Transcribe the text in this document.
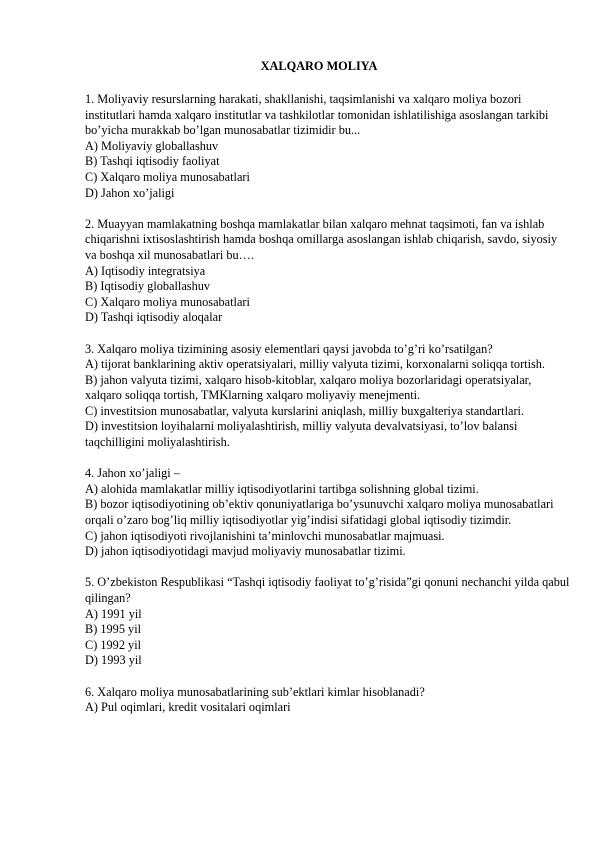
XALQARO MOLIYA
1. Moliyaviy resurslarning harakati, shakllanishi, taqsimlanishi va xalqaro moliya bozori institutlari hamda xalqaro institutlar va tashkilotlar tomonidan ishlatilishiga asoslangan tarkibi bo’yicha murakkab bo’lgan munosabatlar tizimidir bu...
A) Moliyaviy globallashuv
B) Tashqi iqtisodiy faoliyat
C) Xalqaro moliya munosabatlari
D) Jahon xo’jaligi
2. Muayyan mamlakatning boshqa mamlakatlar bilan xalqaro mehnat taqsimoti, fan va ishlab chiqarishni ixtisoslashtirish hamda boshqa omillarga asoslangan ishlab chiqarish, savdo, siyosiy va boshqa xil munosabatlari bu….
A) Iqtisodiy integratsiya
B) Iqtisodiy globallashuv
C) Xalqaro moliya munosabatlari
D) Tashqi iqtisodiy aloqalar
3. Xalqaro moliya tizimining asosiy elementlari qaysi javobda to’g’ri ko’rsatilgan?
A) tijorat banklarining aktiv operatsiyalari, milliy valyuta tizimi, korxonalarni soliqqa tortish.
B) jahon valyuta tizimi, xalqaro hisob-kitoblar, xalqaro moliya bozorlaridagi operatsiyalar, xalqaro soliqqa tortish, TMKlarning xalqaro moliyaviy menejmenti.
C) investitsion munosabatlar, valyuta kurslarini aniqlash, milliy buxgalteriya standartlari.
D) investitsion loyihalarni moliyalashtirish, milliy valyuta devalvatsiyasi, to’lov balansi taqchilligini moliyalashtirish.
4. Jahon xo’jaligi –
A) alohida mamlakatlar milliy iqtisodiyotlarini tartibga solishning global tizimi.
B) bozor iqtisodiyotining ob’ektiv qonuniyatlariga bo’ysunuvchi xalqaro moliya munosabatlari orqali o’zaro bog’liq milliy iqtisodiyotlar yig’indisi sifatidagi global iqtisodiy tizimdir.
C) jahon iqtisodiyoti rivojlanishini ta’minlovchi munosabatlar majmuasi.
D) jahon iqtisodiyotidagi mavjud moliyaviy munosabatlar tizimi.
5. O’zbekiston Respublikasi “Tashqi iqtisodiy faoliyat to’g’risida”gi qonuni nechanchi yilda qabul qilingan?
A) 1991 yil
B) 1995 yil
C) 1992 yil
D) 1993 yil
6. Xalqaro moliya munosabatlarining sub’ektlari kimlar hisoblanadi?
A) Pul oqimlari, kredit vositalari oqimlari
